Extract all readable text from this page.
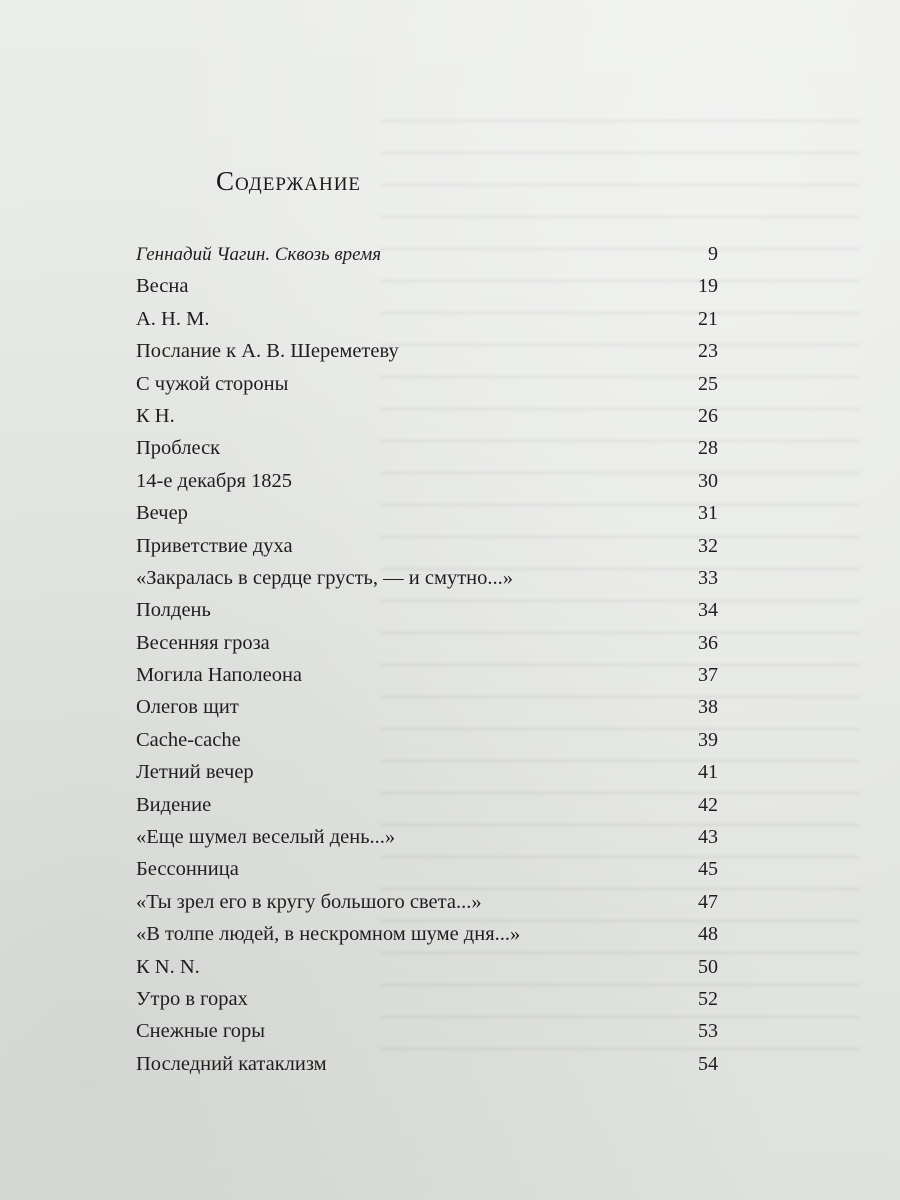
Содержание
Геннадий Чагин. Сквозь время	9
Весна	19
А. Н. М.	21
Послание к А. В. Шереметеву	23
С чужой стороны	25
К Н.	26
Проблеск	28
14-е декабря 1825	30
Вечер	31
Приветствие духа	32
«Закралась в сердце грусть, — и смутно...»	33
Полдень	34
Весенняя гроза	36
Могила Наполеона	37
Олегов щит	38
Cache-cache	39
Летний вечер	41
Видение	42
«Еще шумел веселый день...»	43
Бессонница	45
«Ты зрел его в кругу большого света...»	47
«В толпе людей, в нескромном шуме дня...»	48
К N. N.	50
Утро в горах	52
Снежные горы	53
Последний катаклизм	54
